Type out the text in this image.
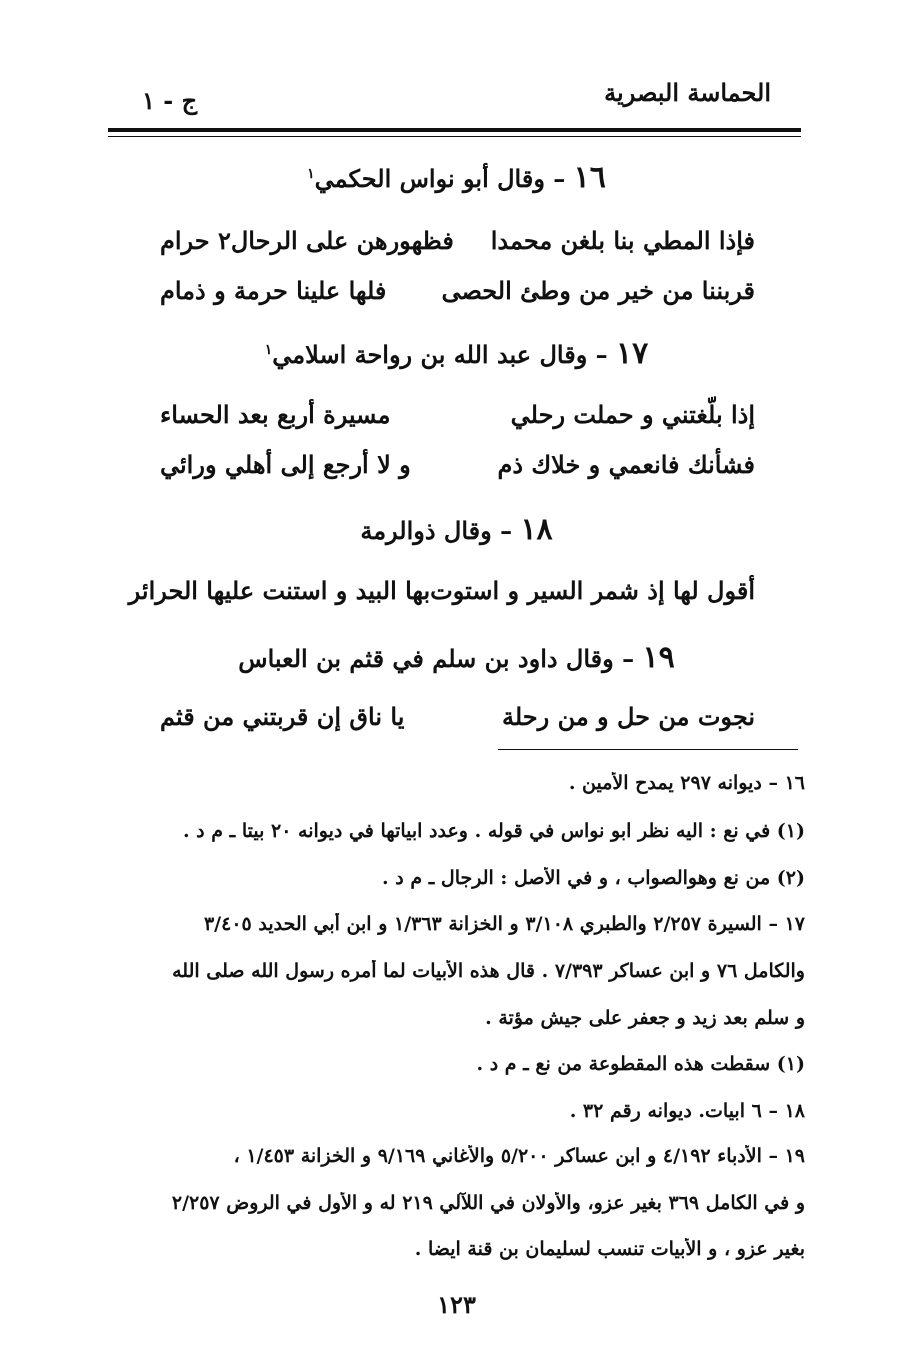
الحماسة البصرية
ج - ١
١٦ – وقال أبو نواس الحكمي$^١$
فإذا المطي بنا بلغن محمدا
فظهورهن على الرحال٢ حرام
قربننا من خير من وطئ الحصى
فلها علينا حرمة و ذمام
١٧ – وقال عبد الله بن رواحة اسلامي$^١$
إذا بلّغتني و حملت رحلي
مسيرة أربع بعد الحساء
فشأنك فانعمي و خلاك ذم
و لا أرجع إلى أهلي ورائي
١٨ – وقال ذوالرمة
أقول لها إذ شمر السير و استوت
بها البيد و استنت عليها الحرائر
١٩ – وقال داود بن سلم في قثم بن العباس
نجوت من حل و من رحلة
يا ناق إن قربتني من قثم
١٦ – ديوانه ٢٩٧ يمدح الأمين .
(١) في نع : اليه نظر ابو نواس في قوله . وعدد ابياتها في ديوانه ٢٠ بيتا ـ م د .
(٢) من نع وهوالصواب ، و في الأصل : الرجال ـ م د .
١٧ – السيرة ٢/٢٥٧ والطبري ٣/١٠٨ و الخزانة ١/٣٦٣ و ابن أبي الحديد ٣/٤٠٥
والكامل ٧٦ و ابن عساكر ٧/٣٩٣ . قال هذه الأبيات لما أمره رسول الله صلى الله
و سلم بعد زيد و جعفر على جيش مؤتة .
(١) سقطت هذه المقطوعة من نع ـ م د .
١٨ – ٦ ابيات. ديوانه رقم ٣٢ .
١٩ – الأدباء ٤/١٩٢ و ابن عساكر ٥/٢٠٠ والأغاني ٩/١٦٩ و الخزانة ١/٤٥٣ ،
و في الكامل ٣٦٩ بغير عزو، والأولان في اللآلي ٢١٩ له و الأول في الروض ٢/٢٥٧
بغير عزو ، و الأبيات تنسب لسليمان بن قنة ايضا .
١٢٣
